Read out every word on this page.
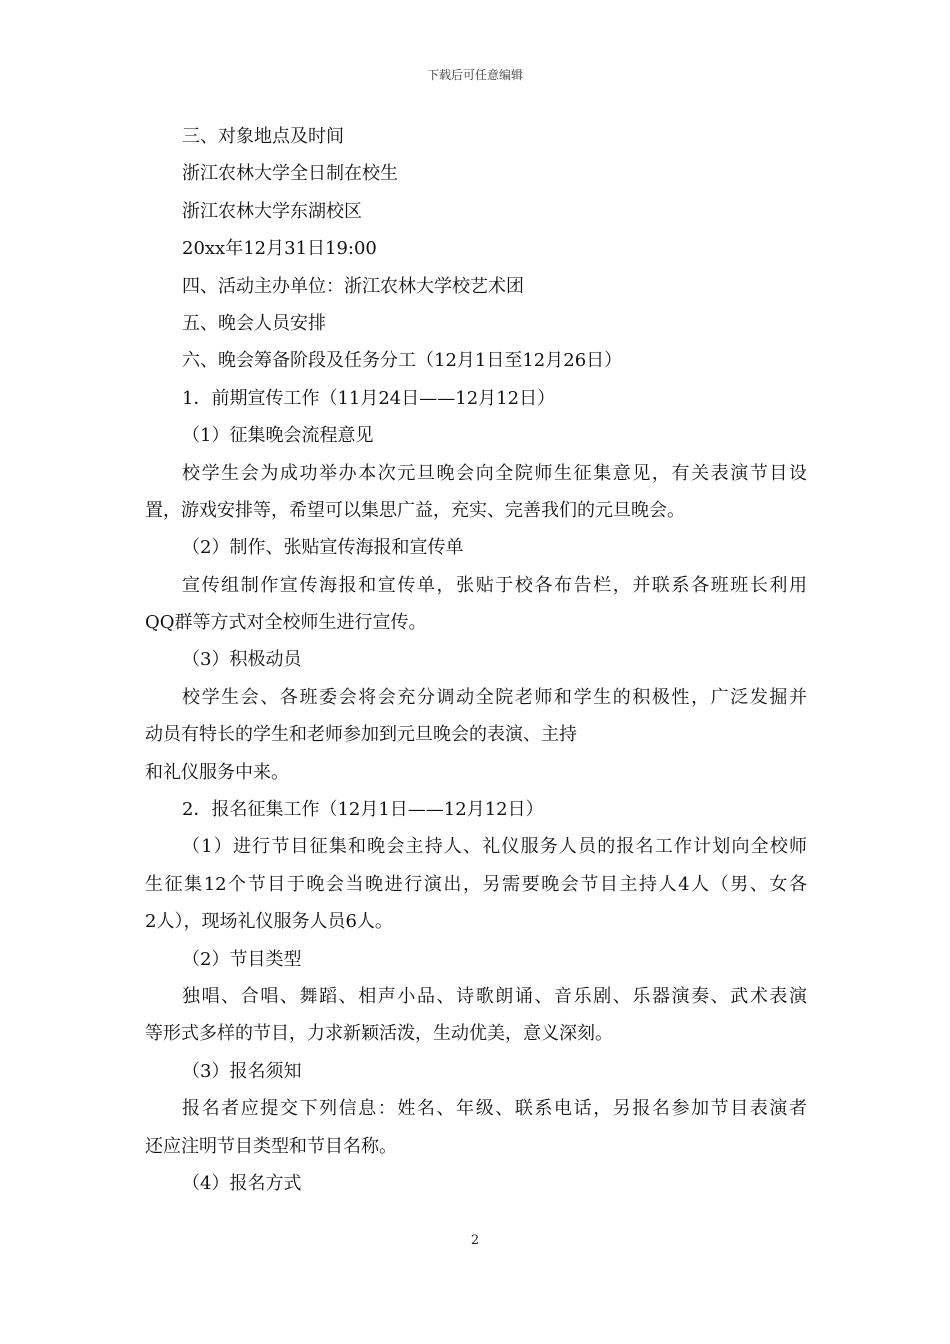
下载后可任意编辑
三、对象地点及时间
浙江农林大学全日制在校生
浙江农林大学东湖校区
20xx年12月31日19:00
四、活动主办单位：浙江农林大学校艺术团
五、晚会人员安排
六、晚会筹备阶段及任务分工（12月1日至12月26日）
1．前期宣传工作（11月24日——12月12日）
（1）征集晚会流程意见
校学生会为成功举办本次元旦晚会向全院师生征集意见，有关表演节目设
置，游戏安排等，希望可以集思广益，充实、完善我们的元旦晚会。
（2）制作、张贴宣传海报和宣传单
宣传组制作宣传海报和宣传单，张贴于校各布告栏，并联系各班班长利用
QQ群等方式对全校师生进行宣传。
（3）积极动员
校学生会、各班委会将会充分调动全院老师和学生的积极性，广泛发掘并
动员有特长的学生和老师参加到元旦晚会的表演、主持
和礼仪服务中来。
2．报名征集工作（12月1日——12月12日）
（1）进行节目征集和晚会主持人、礼仪服务人员的报名工作计划向全校师
生征集12个节目于晚会当晚进行演出，另需要晚会节目主持人4人（男、女各
2人），现场礼仪服务人员6人。
（2）节目类型
独唱、合唱、舞蹈、相声小品、诗歌朗诵、音乐剧、乐器演奏、武术表演
等形式多样的节目，力求新颖活泼，生动优美，意义深刻。
（3）报名须知
报名者应提交下列信息：姓名、年级、联系电话，另报名参加节目表演者
还应注明节目类型和节目名称。
（4）报名方式
2
